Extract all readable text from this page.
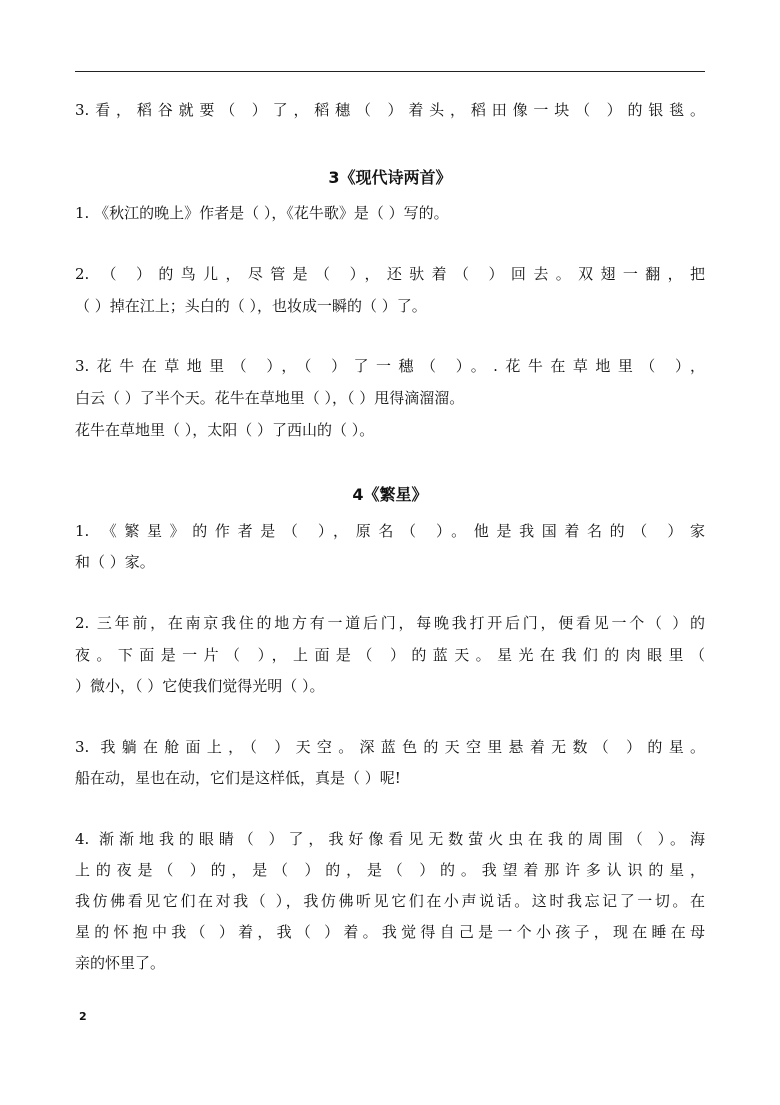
3.看，稻谷就要（ ）了，稻穗（ ）着头，稻田像一块（ ）的银毯。
3《现代诗两首》
1. 《秋江的晚上》作者是（ ），《花牛歌》是（ ）写的。
2. （ ）的鸟儿，尽管是（ ），还驮着（ ）回去。双翅一翻，把
（ ）掉在江上；头白的（ ），也妆成一瞬的（ ）了。
3.花牛在草地里（ ），（ ）了一穗（ ）。.花牛在草地里（ ），
白云（ ）了半个天。花牛在草地里（ ），（ ）甩得滴溜溜。
花牛在草地里（ ），太阳（ ）了西山的（ ）。
4《繁星》
1. 《繁星》的作者是（ ），原名（ ）。他是我国着名的（ ）家
和（ ）家。
2. 三年前，在南京我住的地方有一道后门，每晚我打开后门，便看见一个（ ）的
夜。下面是一片（ ），上面是（ ）的蓝天。星光在我们的肉眼里（
）微小，（ ）它使我们觉得光明（ ）。
3. 我躺在舱面上，（ ）天空。深蓝色的天空里悬着无数（ ）的星。
船在动，星也在动，它们是这样低，真是（ ）呢!
4. 渐渐地我的眼睛（ ）了，我好像看见无数萤火虫在我的周围（ ）。海
上的夜是（ ）的，是（ ）的，是（ ）的。我望着那许多认识的星，
我仿佛看见它们在对我（ ），我仿佛听见它们在小声说话。这时我忘记了一切。在
星的怀抱中我（ ）着，我（ ）着。我觉得自己是一个小孩子，现在睡在母
亲的怀里了。
2
